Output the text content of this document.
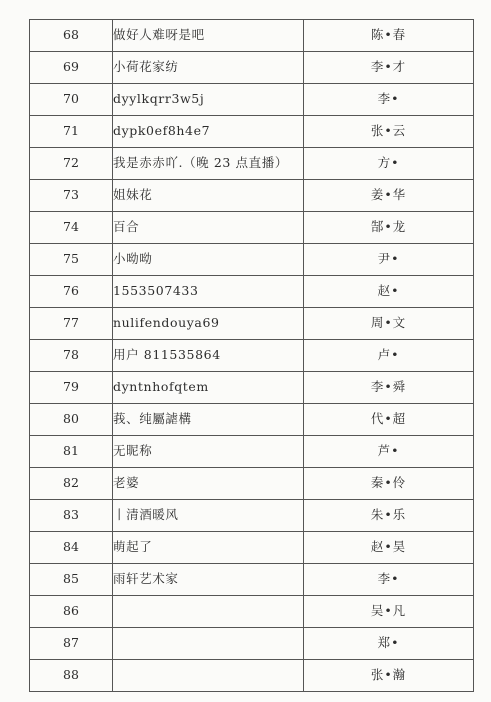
68	做好人难呀是吧	陈•春
69	小荷花家纺	李•才
70	dyylkqrr3w5j	李•
71	dypk0ef8h4e7	张•云
72	我是赤赤吖.（晚 23 点直播）	方•
73	姐妹花	姜•华
74	百合	郜•龙
75	小呦呦	尹•
76	1553507433	赵•
77	nulifendouya69	周•文
78	用户 811535864	卢•
79	dyntnhofqtem	李•舜
80	莪、纯屬謔構	代•超
81	无昵称	芦•
82	老婆	秦•伶
83	丨清酒暖风	朱•乐
84	萌起了	赵•昊
85	雨轩艺术家	李•
86		吴•凡
87		郑•
88		张•瀚
